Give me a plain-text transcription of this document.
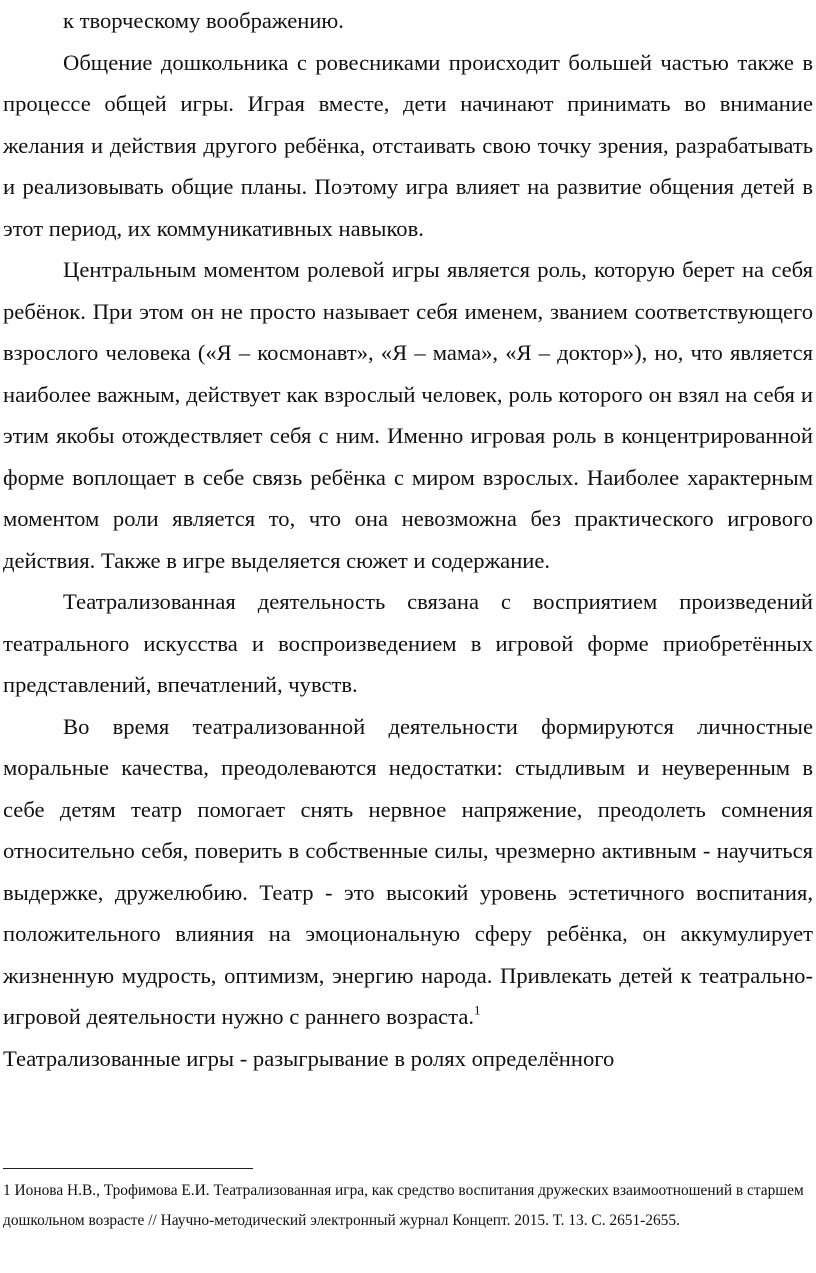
к творческому воображению.

Общение дошкольника с ровесниками происходит большей частью также в процессе общей игры. Играя вместе, дети начинают принимать во внимание желания и действия другого ребёнка, отстаивать свою точку зрения, разрабатывать и реализовывать общие планы. Поэтому игра влияет на развитие общения детей в этот период, их коммуникативных навыков.

Центральным моментом ролевой игры является роль, которую берет на себя ребёнок. При этом он не просто называет себя именем, званием соответствующего взрослого человека («Я – космонавт», «Я – мама», «Я – доктор»), но, что является наиболее важным, действует как взрослый человек, роль которого он взял на себя и этим якобы отождествляет себя с ним. Именно игровая роль в концентрированной форме воплощает в себе связь ребёнка с миром взрослых. Наиболее характерным моментом роли является то, что она невозможна без практического игрового действия. Также в игре выделяется сюжет и содержание.

Театрализованная деятельность связана с восприятием произведений театрального искусства и воспроизведением в игровой форме приобретённых представлений, впечатлений, чувств.

Во время театрализованной деятельности формируются личностные моральные качества, преодолеваются недостатки: стыдливым и неуверенным в себе детям театр помогает снять нервное напряжение, преодолеть сомнения относительно себя, поверить в собственные силы, чрезмерно активным - научиться выдержке, дружелюбию. Театр - это высокий уровень эстетичного воспитания, положительного влияния на эмоциональную сферу ребёнка, он аккумулирует жизненную мудрость, оптимизм, энергию народа. Привлекать детей к театрально-игровой деятельности нужно с раннего возраста.$^1$

Театрализованные игры - разыгрывание в ролях определённого

1 Ионова Н.В., Трофимова Е.И. Театрализованная игра, как средство воспитания дружеских взаимоотношений в старшем дошкольном возрасте // Научно-методический электронный журнал Концепт. 2015. Т. 13. С. 2651-2655.
